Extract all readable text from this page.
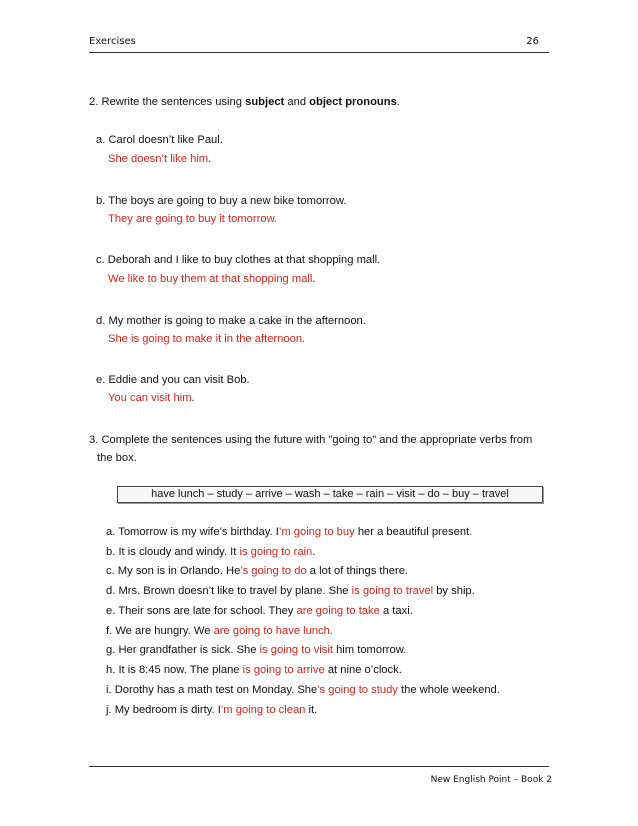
Exercises	26
2. Rewrite the sentences using subject and object pronouns.
a. Carol doesn’t like Paul.
She doesn’t like him.
b. The boys are going to buy a new bike tomorrow.
They are going to buy it tomorrow.
c. Deborah and I like to buy clothes at that shopping mall.
We like to buy them at that shopping mall.
d. My mother is going to make a cake in the afternoon.
She is going to make it in the afternoon.
e. Eddie and you can visit Bob.
You can visit him.
3. Complete the sentences using the future with "going to" and the appropriate verbs from
the box.
have lunch – study – arrive – wash – take – rain – visit – do – buy – travel
a. Tomorrow is my wife’s birthday. I’m going to buy her a beautiful present.
b. It is cloudy and windy. It is going to rain.
c. My son is in Orlando. He’s going to do a lot of things there.
d. Mrs. Brown doesn’t like to travel by plane. She is going to travel by ship.
e. Their sons are late for school. They are going to take a taxi.
f. We are hungry. We are going to have lunch.
g. Her grandfather is sick. She is going to visit him tomorrow.
h. It is 8:45 now. The plane is going to arrive at nine o’clock.
i. Dorothy has a math test on Monday. She’s going to study the whole weekend.
j. My bedroom is dirty. I’m going to clean it.
New English Point – Book 2
